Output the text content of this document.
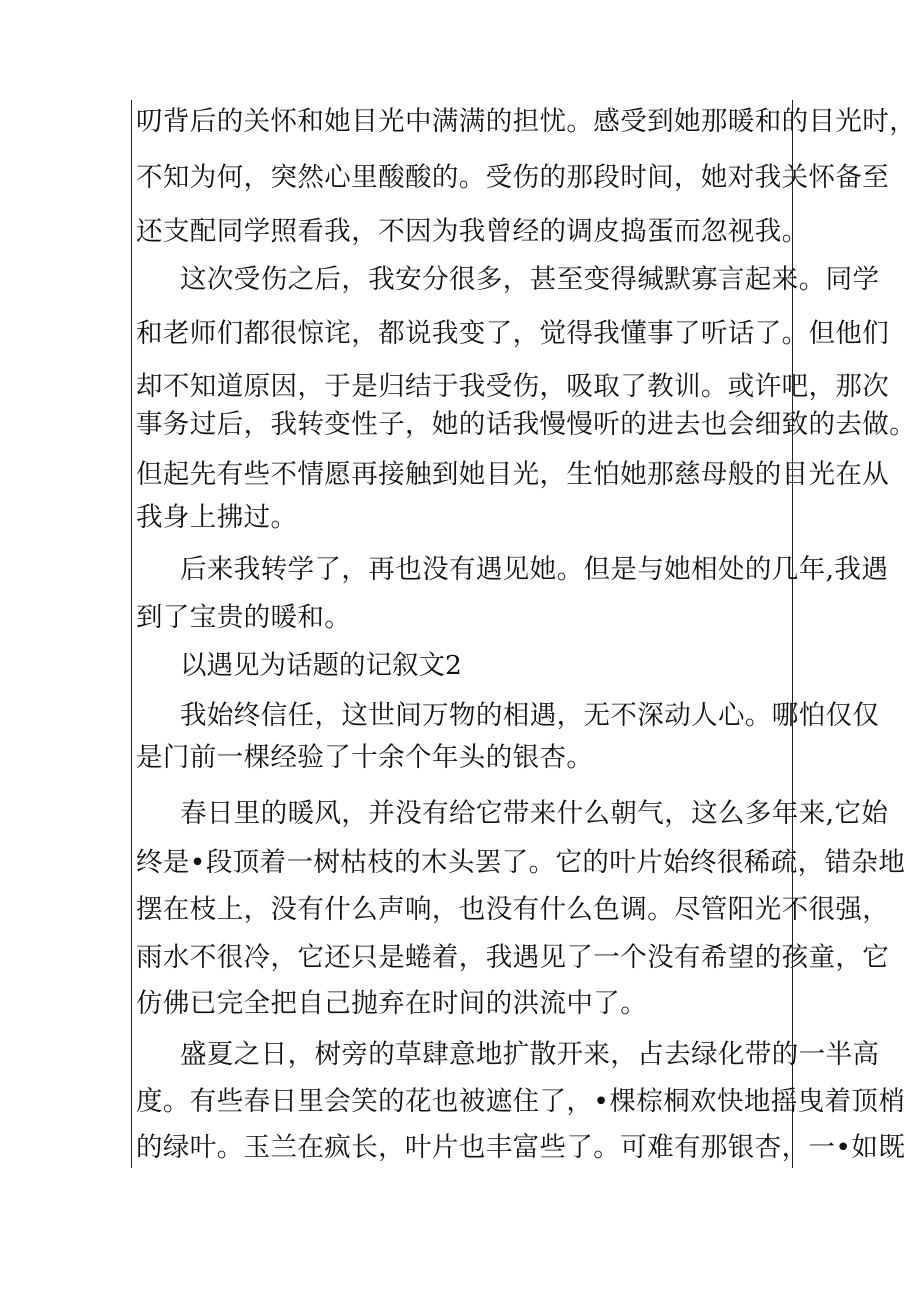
叨背后的关怀和她目光中满满的担忧。感受到她那暖和的目光时，
不知为何，突然心里酸酸的。受伤的那段时间，她对我关怀备至
还支配同学照看我，不因为我曾经的调皮捣蛋而忽视我。
这次受伤之后，我安分很多，甚至变得缄默寡言起来。同学
和老师们都很惊诧，都说我变了，觉得我懂事了听话了。但他们
却不知道原因，于是归结于我受伤，吸取了教训。或许吧，那次
事务过后，我转变性子，她的话我慢慢听的进去也会细致的去做。
但起先有些不情愿再接触到她目光，生怕她那慈母般的目光在从
我身上拂过。
后来我转学了，再也没有遇见她。但是与她相处的几年,我遇
到了宝贵的暖和。
以遇见为话题的记叙文2
我始终信任，这世间万物的相遇，无不深动人心。哪怕仅仅
是门前一棵经验了十余个年头的银杏。
春日里的暖风，并没有给它带来什么朝气，这么多年来,它始
终是•段顶着一树枯枝的木头罢了。它的叶片始终很稀疏，错杂地
摆在枝上，没有什么声响，也没有什么色调。尽管阳光不很强，
雨水不很冷，它还只是蜷着，我遇见了一个没有希望的孩童，它
仿佛已完全把自己抛弃在时间的洪流中了。
盛夏之日，树旁的草肆意地扩散开来，占去绿化带的一半高
度。有些春日里会笑的花也被遮住了，•棵棕桐欢快地摇曳着顶梢
的绿叶。玉兰在疯长，叶片也丰富些了。可难有那银杏，一•如既
